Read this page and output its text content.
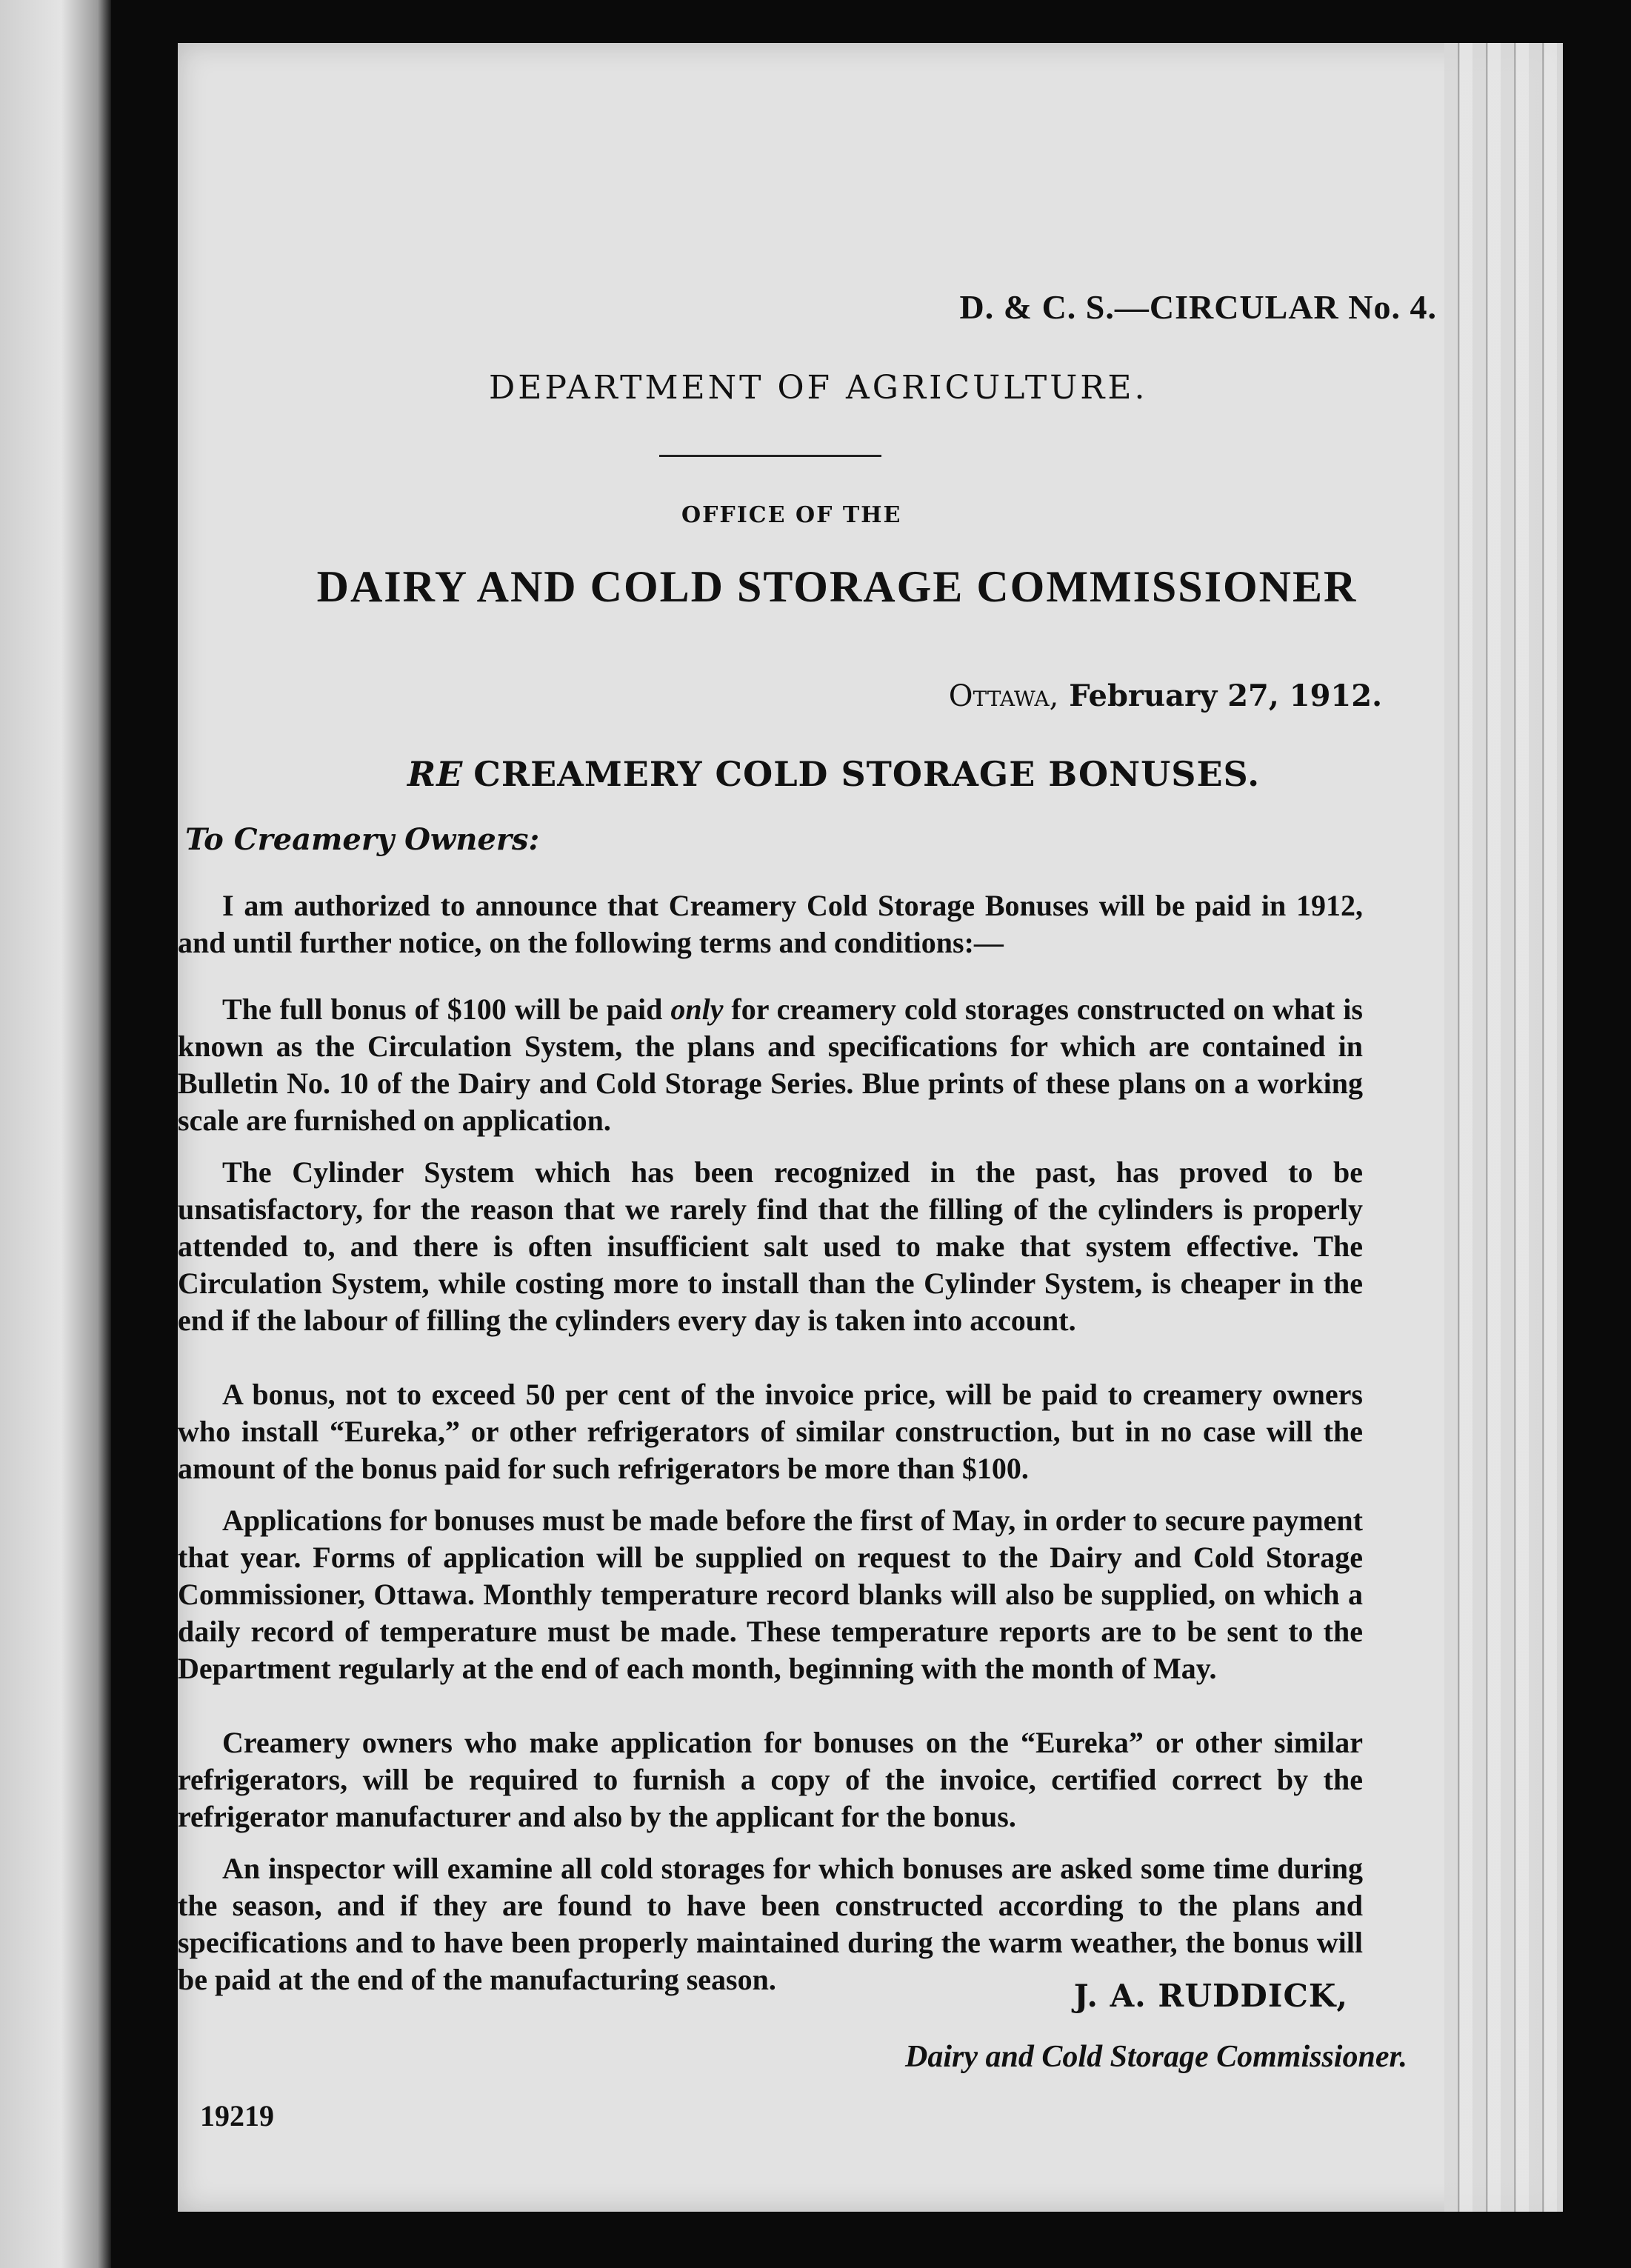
D. & C. S.—CIRCULAR No. 4.
DEPARTMENT OF AGRICULTURE.
OFFICE OF THE
DAIRY AND COLD STORAGE COMMISSIONER
Ottawa, February 27, 1912.
RE CREAMERY COLD STORAGE BONUSES.
To Creamery Owners:

I am authorized to announce that Creamery Cold Storage Bonuses will be paid in 1912, and until further notice, on the following terms and conditions:—

The full bonus of $100 will be paid only for creamery cold storages constructed on what is known as the Circulation System, the plans and specifications for which are contained in Bulletin No. 10 of the Dairy and Cold Storage Series. Blue prints of these plans on a working scale are furnished on application.

The Cylinder System which has been recognized in the past, has proved to be unsatisfactory, for the reason that we rarely find that the filling of the cylinders is properly attended to, and there is often insufficient salt used to make that system effective. The Circulation System, while costing more to install than the Cylinder System, is cheaper in the end if the labour of filling the cylinders every day is taken into account.

A bonus, not to exceed 50 per cent of the invoice price, will be paid to creamery owners who install “Eureka,” or other refrigerators of similar construction, but in no case will the amount of the bonus paid for such refrigerators be more than $100.

Applications for bonuses must be made before the first of May, in order to secure payment that year. Forms of application will be supplied on request to the Dairy and Cold Storage Commissioner, Ottawa. Monthly temperature record blanks will also be supplied, on which a daily record of temperature must be made. These temperature reports are to be sent to the Department regularly at the end of each month, beginning with the month of May.

Creamery owners who make application for bonuses on the “Eureka” or other similar refrigerators, will be required to furnish a copy of the invoice, certified correct by the refrigerator manufacturer and also by the applicant for the bonus.

An inspector will examine all cold storages for which bonuses are asked some time during the season, and if they are found to have been constructed according to the plans and specifications and to have been properly maintained during the warm weather, the bonus will be paid at the end of the manufacturing season.	J. A. RUDDICK,
Dairy and Cold Storage Commissioner.
19219
